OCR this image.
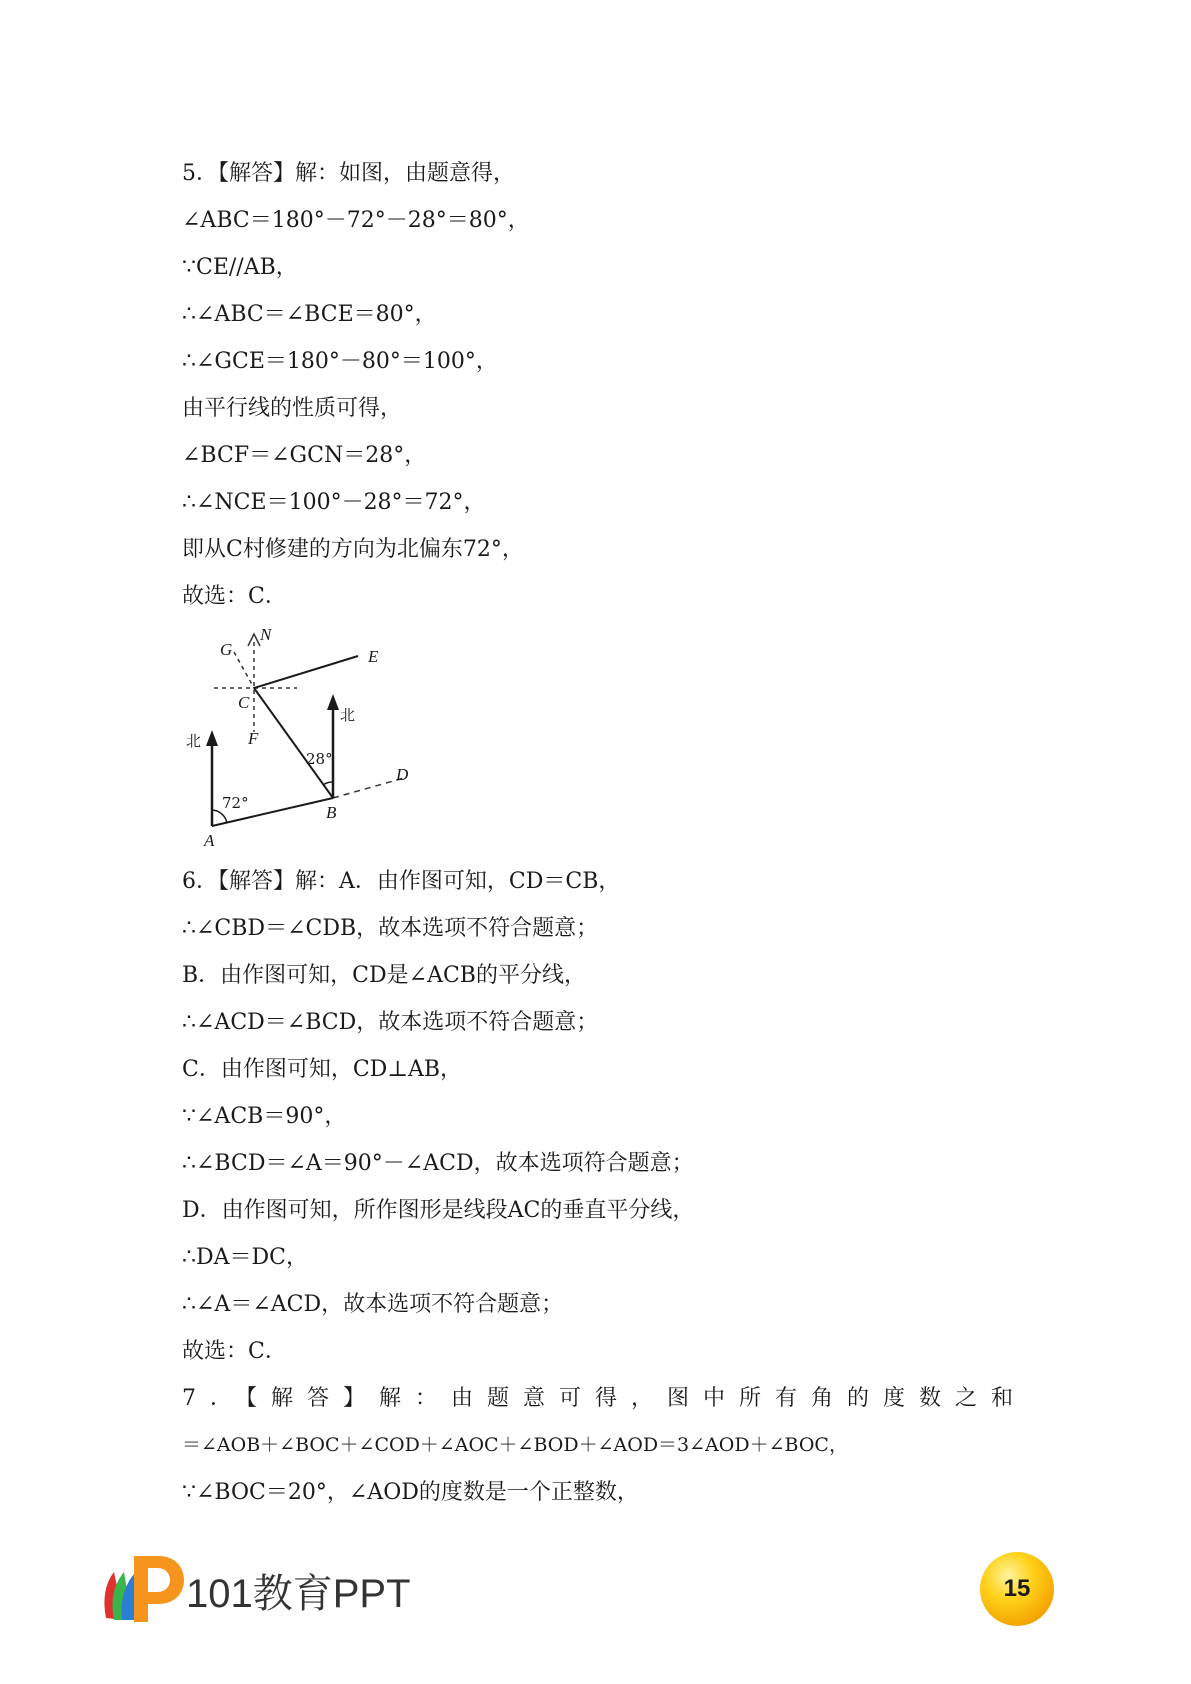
5．【解答】解：如图，由题意得，
∠ABC＝180°－72°－28°＝80°，
∵CE//AB，
∴∠ABC＝∠BCE＝80°，
∴∠GCE＝180°－80°＝100°，
由平行线的性质可得，
∠BCF＝∠GCN＝28°，
∴∠NCE＝100°－28°＝72°，
即从C村修建的方向为北偏东72°，
故选：C．
G
N
E
C
F
D
B
A
北
北
28°
72°
6．【解答】解：A．由作图可知，CD＝CB，
∴∠CBD＝∠CDB，故本选项不符合题意；
B．由作图可知，CD是∠ACB的平分线，
∴∠ACD＝∠BCD，故本选项不符合题意；
C．由作图可知，CD⊥AB，
∵∠ACB＝90°，
∴∠BCD＝∠A＝90°－∠ACD，故本选项符合题意；
D．由作图可知，所作图形是线段AC的垂直平分线，
∴DA＝DC，
∴∠A＝∠ACD，故本选项不符合题意；
故选：C．
7．【解答】解：由题意可得，图中所有角的度数之和
＝∠AOB＋∠BOC＋∠COD＋∠AOC＋∠BOD＋∠AOD＝3∠AOD＋∠BOC，
∵∠BOC＝20°，∠AOD的度数是一个正整数，
101教育PPT	15
